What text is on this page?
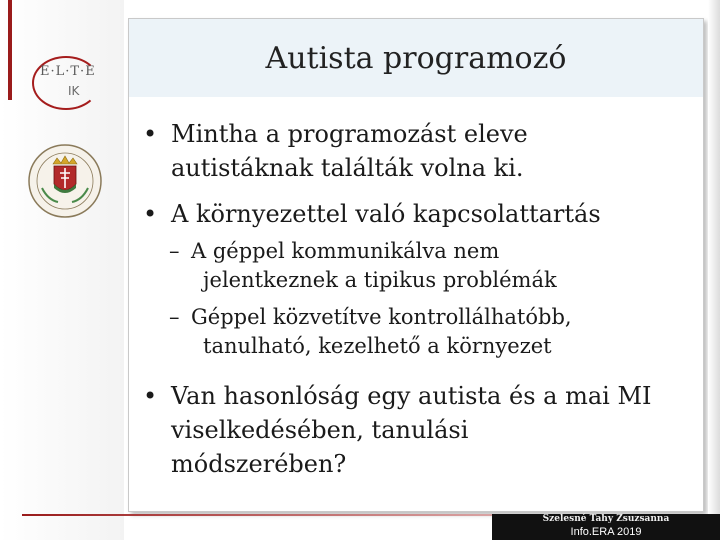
E·L·T·E
IK
Autista programozó
• Mintha a programozást eleve
autistáknak találták volna ki.
• A környezettel való kapcsolattartás
– A géppel kommunikálva nem
jelentkeznek a tipikus problémák
– Géppel közvetítve kontrollálhatóbb,
tanulható, kezelhető a környezet
• Van hasonlóság egy autista és a mai MI
viselkedésében, tanulási
módszerében?
Szelesné Tahy Zsuzsanna
Info.ERA 2019
